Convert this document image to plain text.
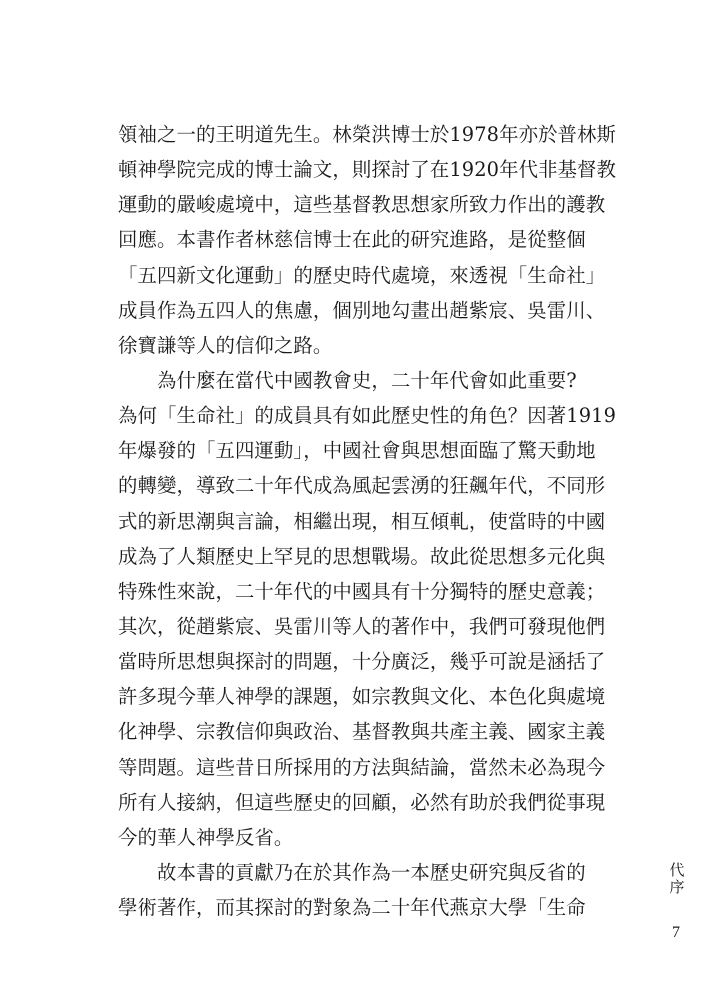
領袖之一的王明道先生。林榮洪博士於1978年亦於普林斯
頓神學院完成的博士論文，則探討了在1920年代非基督教
運動的嚴峻處境中，這些基督教思想家所致力作出的護教
回應。本書作者林慈信博士在此的研究進路，是從整個
「五四新文化運動」的歷史時代處境，來透視「生命社」
成員作為五四人的焦慮，個別地勾畫出趙紫宸、吳雷川、
徐寶謙等人的信仰之路。
　　為什麼在當代中國教會史，二十年代會如此重要?
為何「生命社」的成員具有如此歷史性的角色？因著1919
年爆發的「五四運動」，中國社會與思想面臨了驚天動地
的轉變，導致二十年代成為風起雲湧的狂飆年代，不同形
式的新思潮與言論，相繼出現，相互傾軋，使當時的中國
成為了人類歷史上罕見的思想戰場。故此從思想多元化與
特殊性來說，二十年代的中國具有十分獨特的歷史意義；
其次，從趙紫宸、吳雷川等人的著作中，我們可發現他們
當時所思想與探討的問題，十分廣泛，幾乎可說是涵括了
許多現今華人神學的課題，如宗教與文化、本色化與處境
化神學、宗教信仰與政治、基督教與共產主義、國家主義
等問題。這些昔日所採用的方法與結論，當然未必為現今
所有人接納，但這些歷史的回顧，必然有助於我們從事現
今的華人神學反省。
　　故本書的貢獻乃在於其作為一本歷史研究與反省的
學術著作，而其探討的對象為二十年代燕京大學「生命
代
序
7
